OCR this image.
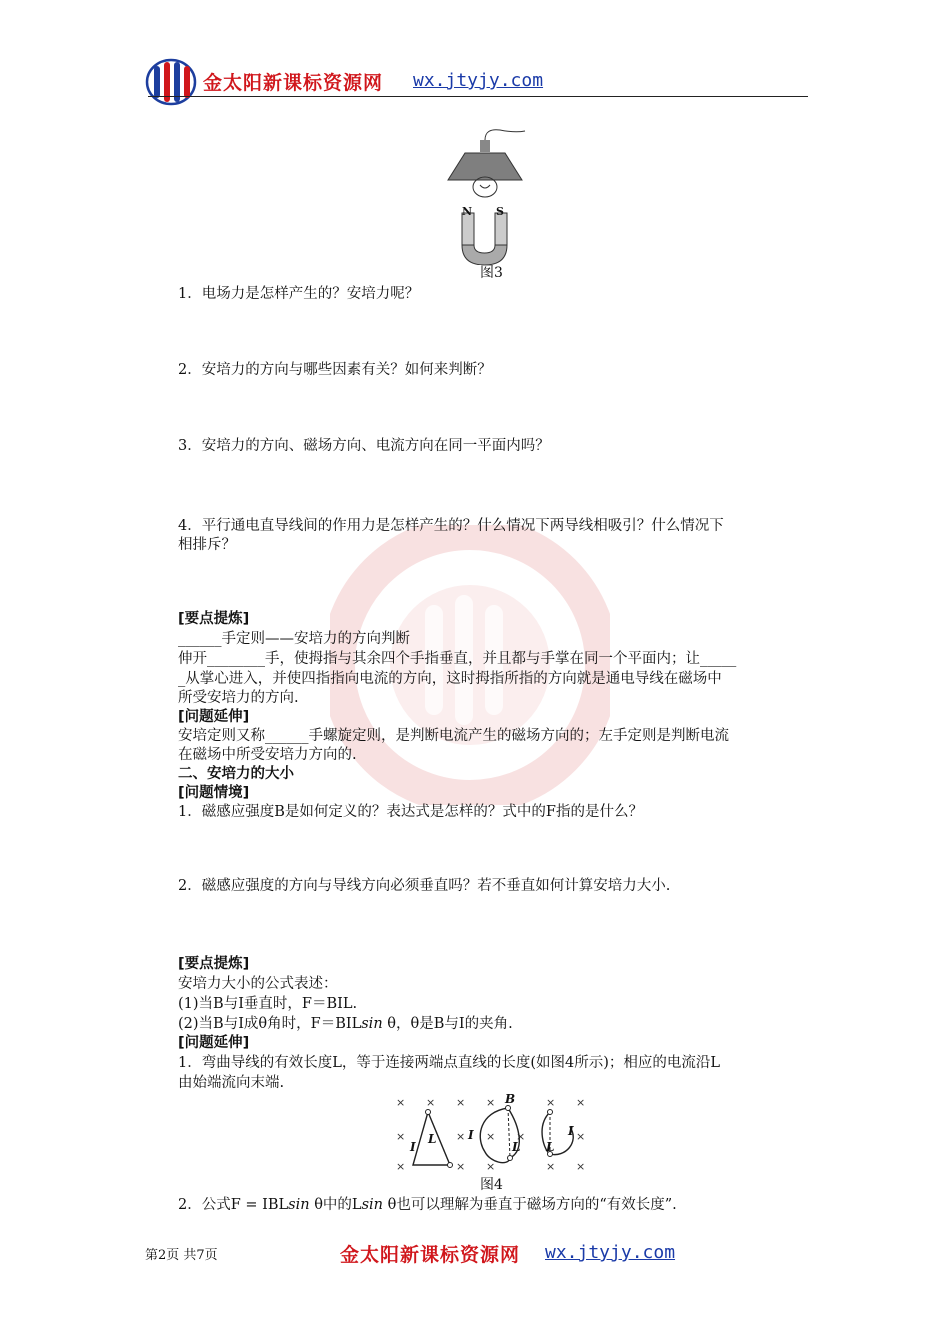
金太阳新课标资源网 wx.jtyjy.com
N S
图3
1．电场力是怎样产生的？安培力呢？
2．安培力的方向与哪些因素有关？如何来判断？
3．安培力的方向、磁场方向、电流方向在同一平面内吗？
4．平行通电直导线间的作用力是怎样产生的？什么情况下两导线相吸引？什么情况下
相排斥？
[要点提炼]
______手定则——安培力的方向判断
伸开________手，使拇指与其余四个手指垂直，并且都与手掌在同一个平面内；让_____
_从掌心进入，并使四指指向电流的方向，这时拇指所指的方向就是通电导线在磁场中
所受安培力的方向.
[问题延伸]
安培定则又称______手螺旋定则，是判断电流产生的磁场方向的；左手定则是判断电流
在磁场中所受安培力方向的.
二、安培力的大小
[问题情境]
1．磁感应强度B是如何定义的？表达式是怎样的？式中的F指的是什么？
2．磁感应强度的方向与导线方向必须垂直吗？若不垂直如何计算安培力大小.
[要点提炼]
安培力大小的公式表述：
(1)当B与I垂直时，F＝BIL.
(2)当B与I成θ角时，F＝BILsin θ，θ是B与I的夹角.
[问题延伸]
1．弯曲导线的有效长度L，等于连接两端点直线的长度(如图4所示)；相应的电流沿L
由始端流向末端.
× × × ×	× ×
×	× × ×	×
×	× ×	× ×
B
I
L	I
L
I
L
图4
2．公式F = IBLsin θ中的Lsin θ也可以理解为垂直于磁场方向的“有效长度”.
第2页 共7页	金太阳新课标资源网 wx.jtyjy.com
